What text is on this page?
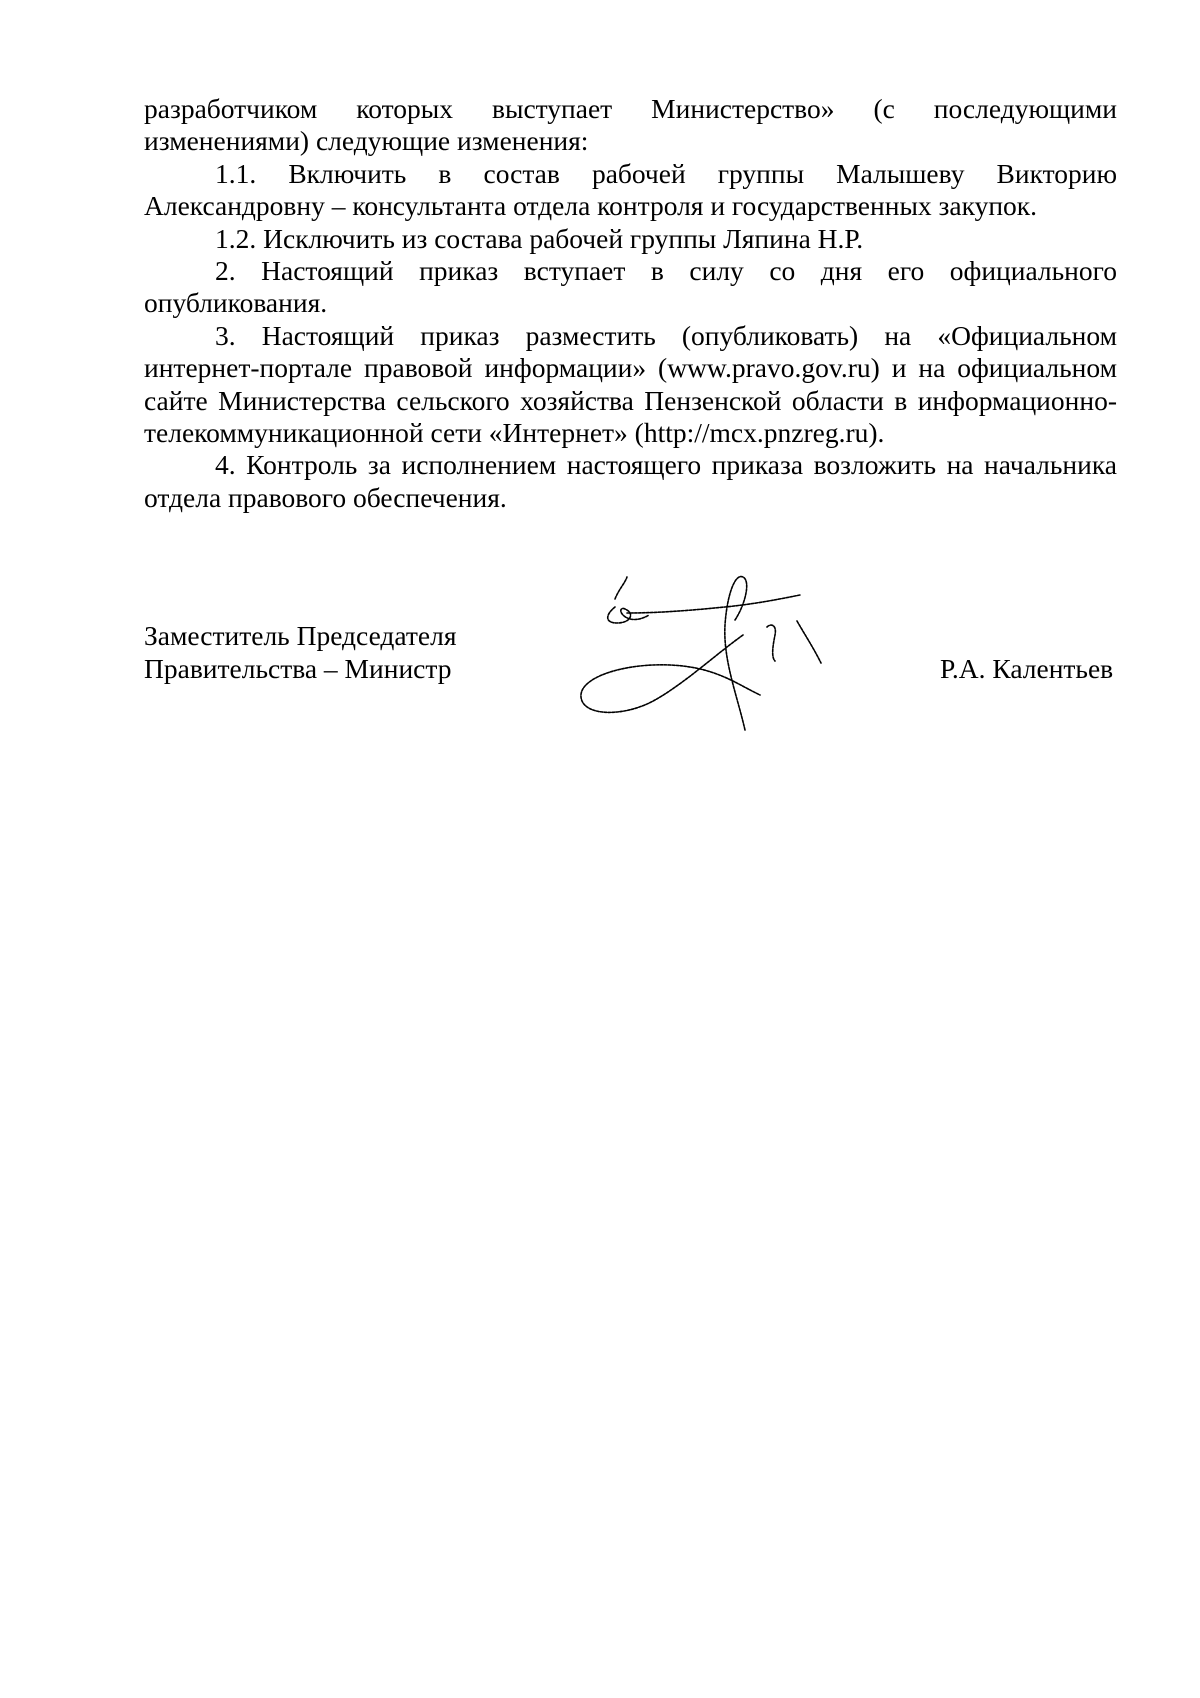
разработчиком которых выступает Министерство» (с последующими изменениями) следующие изменения:

1.1. Включить в состав рабочей группы Малышеву Викторию Александровну – консультанта отдела контроля и государственных закупок.

1.2. Исключить из состава рабочей группы Ляпина Н.Р.

2. Настоящий приказ вступает в силу со дня его официального опубликования.

3. Настоящий приказ разместить (опубликовать) на «Официальном интернет-портале правовой информации» (www.pravo.gov.ru) и на официальном сайте Министерства сельского хозяйства Пензенской области в информационно-телекоммуникационной сети «Интернет» (http://mcx.pnzreg.ru).

4. Контроль за исполнением настоящего приказа возложить на начальника отдела правового обеспечения.

Заместитель Председателя
Правительства – Министр	Р.А. Калентьев
